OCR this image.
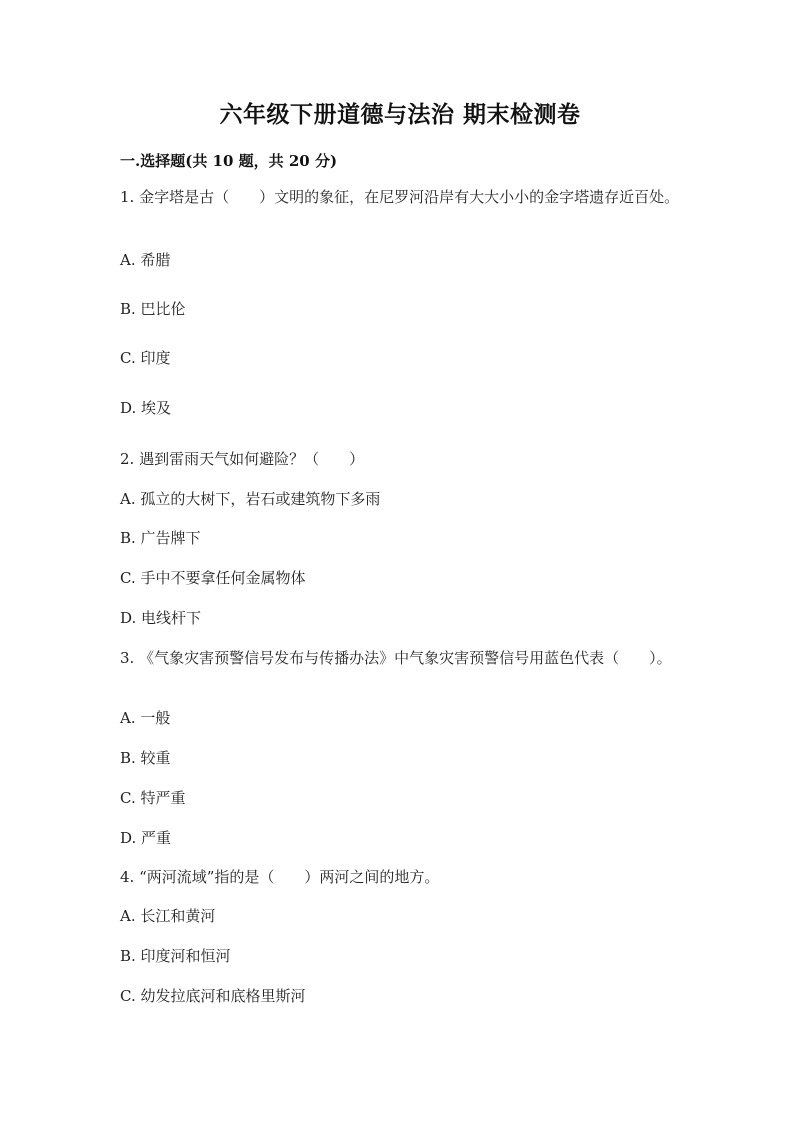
六年级下册道德与法治 期末检测卷
一.选择题(共 10 题，共 20 分)
1. 金字塔是古（　　）文明的象征，在尼罗河沿岸有大大小小的金字塔遗存近百处。
A. 希腊
B. 巴比伦
C. 印度
D. 埃及
2. 遇到雷雨天气如何避险？（　　）
A. 孤立的大树下，岩石或建筑物下多雨
B. 广告牌下
C. 手中不要拿任何金属物体
D. 电线杆下
3. 《气象灾害预警信号发布与传播办法》中气象灾害预警信号用蓝色代表（　　）。
A. 一般
B. 较重
C. 特严重
D. 严重
4. “两河流域”指的是（　　）两河之间的地方。
A. 长江和黄河
B. 印度河和恒河
C. 幼发拉底河和底格里斯河
